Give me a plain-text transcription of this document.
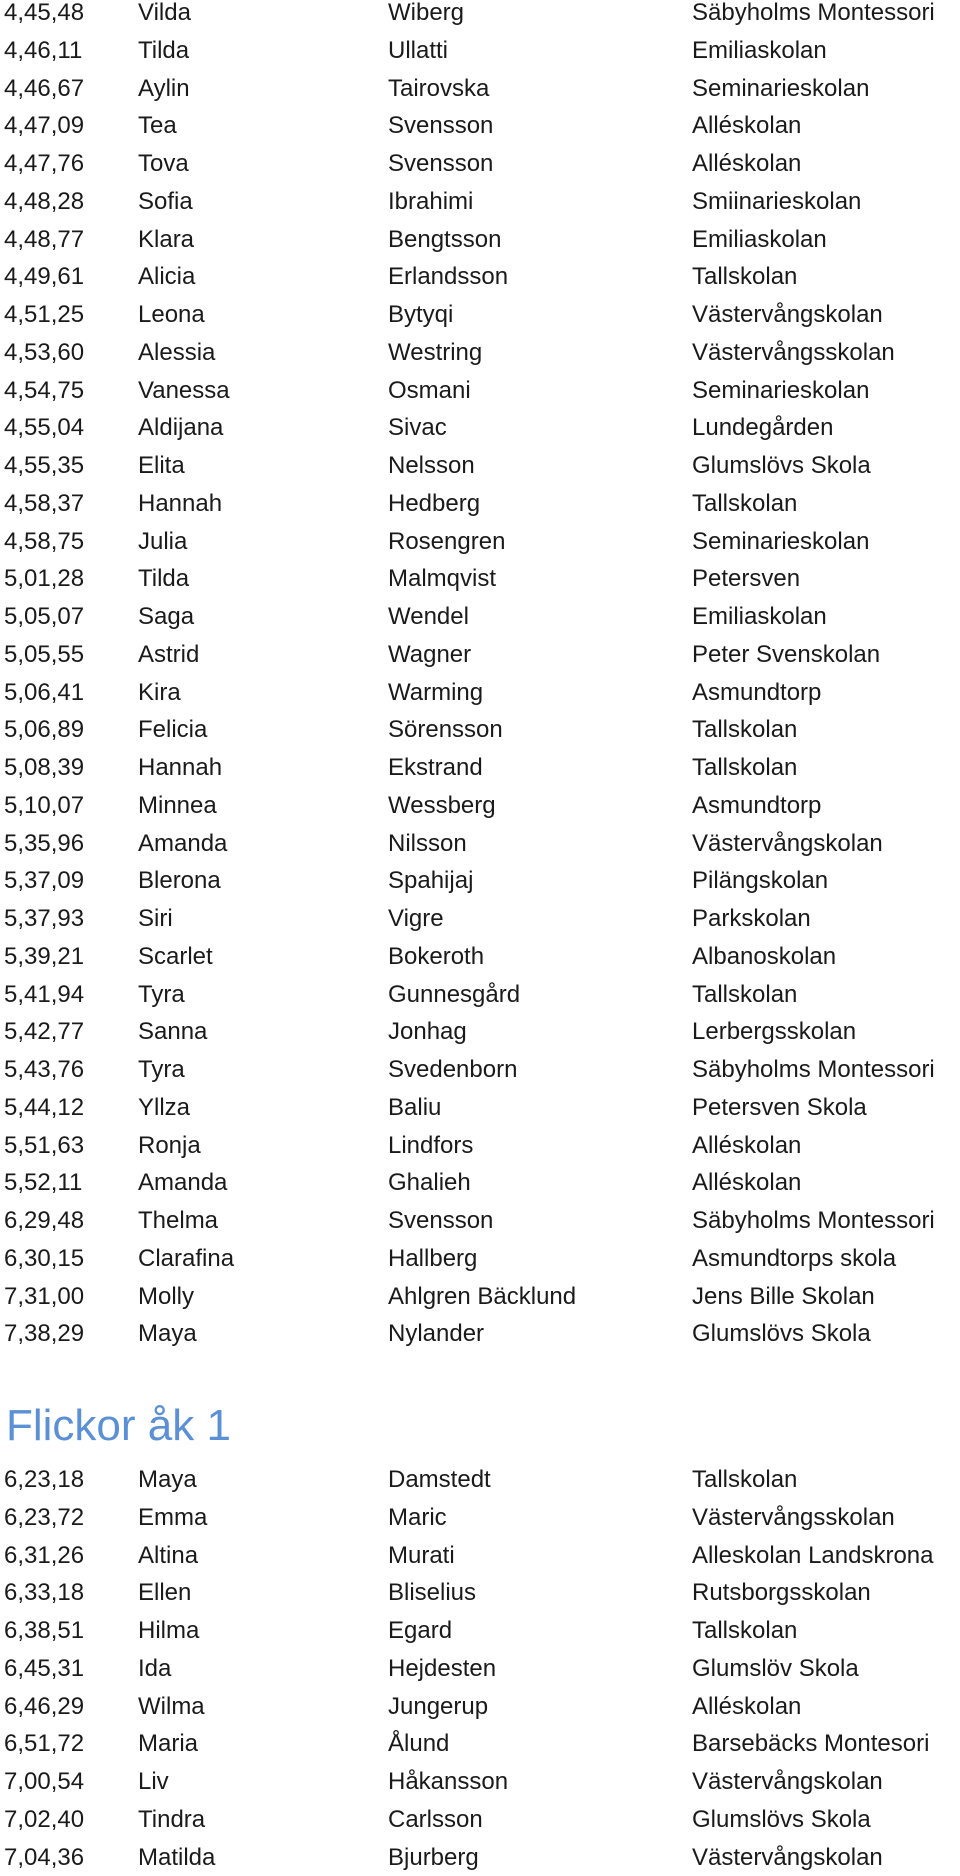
4,45,48 Vilda	Wiberg	Säbyholms Montessori
4,46,11 Tilda	Ullatti	Emiliaskolan
4,46,67 Aylin	Tairovska	Seminarieskolan
4,47,09 Tea	Svensson	Alléskolan
4,47,76 Tova	Svensson	Alléskolan
4,48,28 Sofia	Ibrahimi	Smiinarieskolan
4,48,77 Klara	Bengtsson	Emiliaskolan
4,49,61 Alicia	Erlandsson	Tallskolan
4,51,25 Leona	Bytyqi	Västervångskolan
4,53,60 Alessia	Westring	Västervångsskolan
4,54,75 Vanessa	Osmani	Seminarieskolan
4,55,04 Aldijana	Sivac	Lundegården
4,55,35 Elita	Nelsson	Glumslövs Skola
4,58,37 Hannah	Hedberg	Tallskolan
4,58,75 Julia	Rosengren	Seminarieskolan
5,01,28 Tilda	Malmqvist	Petersven
5,05,07 Saga	Wendel	Emiliaskolan
5,05,55 Astrid	Wagner	Peter Svenskolan
5,06,41 Kira	Warming	Asmundtorp
5,06,89 Felicia	Sörensson	Tallskolan
5,08,39 Hannah	Ekstrand	Tallskolan
5,10,07 Minnea	Wessberg	Asmundtorp
5,35,96 Amanda	Nilsson	Västervångskolan
5,37,09 Blerona	Spahijaj	Pilängskolan
5,37,93 Siri	Vigre	Parkskolan
5,39,21 Scarlet	Bokeroth	Albanoskolan
5,41,94 Tyra	Gunnesgård	Tallskolan
5,42,77 Sanna	Jonhag	Lerbergsskolan
5,43,76 Tyra	Svedenborn	Säbyholms Montessori
5,44,12 Yllza	Baliu	Petersven Skola
5,51,63 Ronja	Lindfors	Alléskolan
5,52,11 Amanda	Ghalieh	Alléskolan
6,29,48 Thelma	Svensson	Säbyholms Montessori
6,30,15 Clarafina	Hallberg	Asmundtorps skola
7,31,00 Molly	Ahlgren Bäcklund	Jens Bille Skolan
7,38,29 Maya	Nylander	Glumslövs Skola
Flickor åk 1
6,23,18 Maya	Damstedt	Tallskolan
6,23,72 Emma	Maric	Västervångsskolan
6,31,26 Altina	Murati	Alleskolan Landskrona
6,33,18 Ellen	Bliselius	Rutsborgsskolan
6,38,51 Hilma	Egard	Tallskolan
6,45,31 Ida	Hejdesten	Glumslöv Skola
6,46,29 Wilma	Jungerup	Alléskolan
6,51,72 Maria	Ålund	Barsebäcks Montesori
7,00,54 Liv	Håkansson	Västervångskolan
7,02,40 Tindra	Carlsson	Glumslövs Skola
7,04,36 Matilda	Bjurberg	Västervångskolan
